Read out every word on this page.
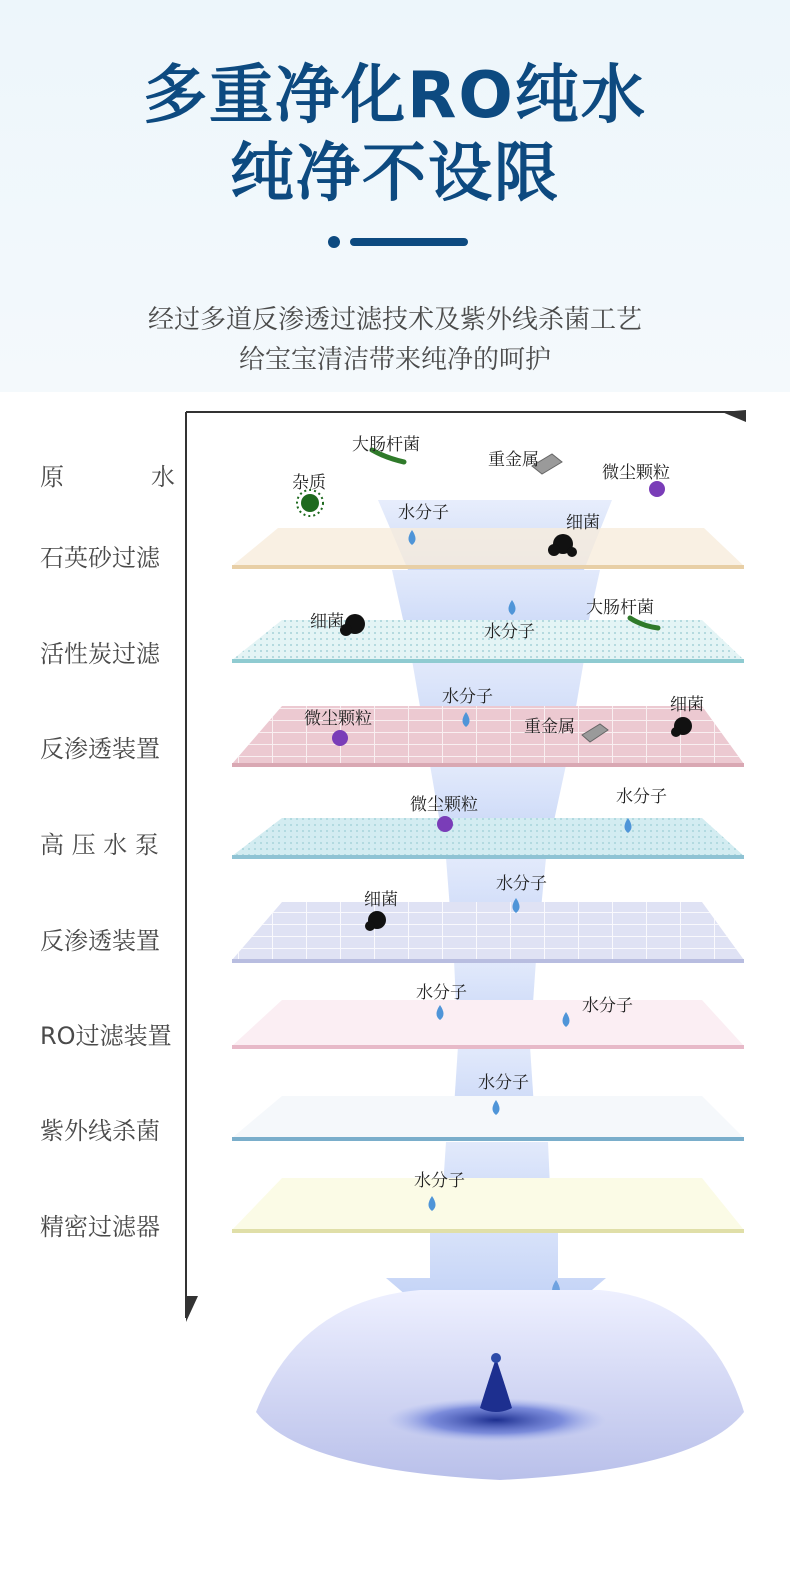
多重净化RO纯水
纯净不设限
经过多道反渗透过滤技术及紫外线杀菌工艺
给宝宝清洁带来纯净的呵护
原　　水
石英砂过滤
活性炭过滤
反渗透装置
高 压 水 泵
反渗透装置
RO过滤装置
紫外线杀菌
精密过滤器
大肠杆菌
重金属
微尘颗粒
杂质
水分子	细菌
细菌	水分子
大肠杆菌
微尘颗粒
水分子
重金属
细菌
微尘颗粒	水分子
细菌
水分子
水分子
水分子
水分子
水分子
